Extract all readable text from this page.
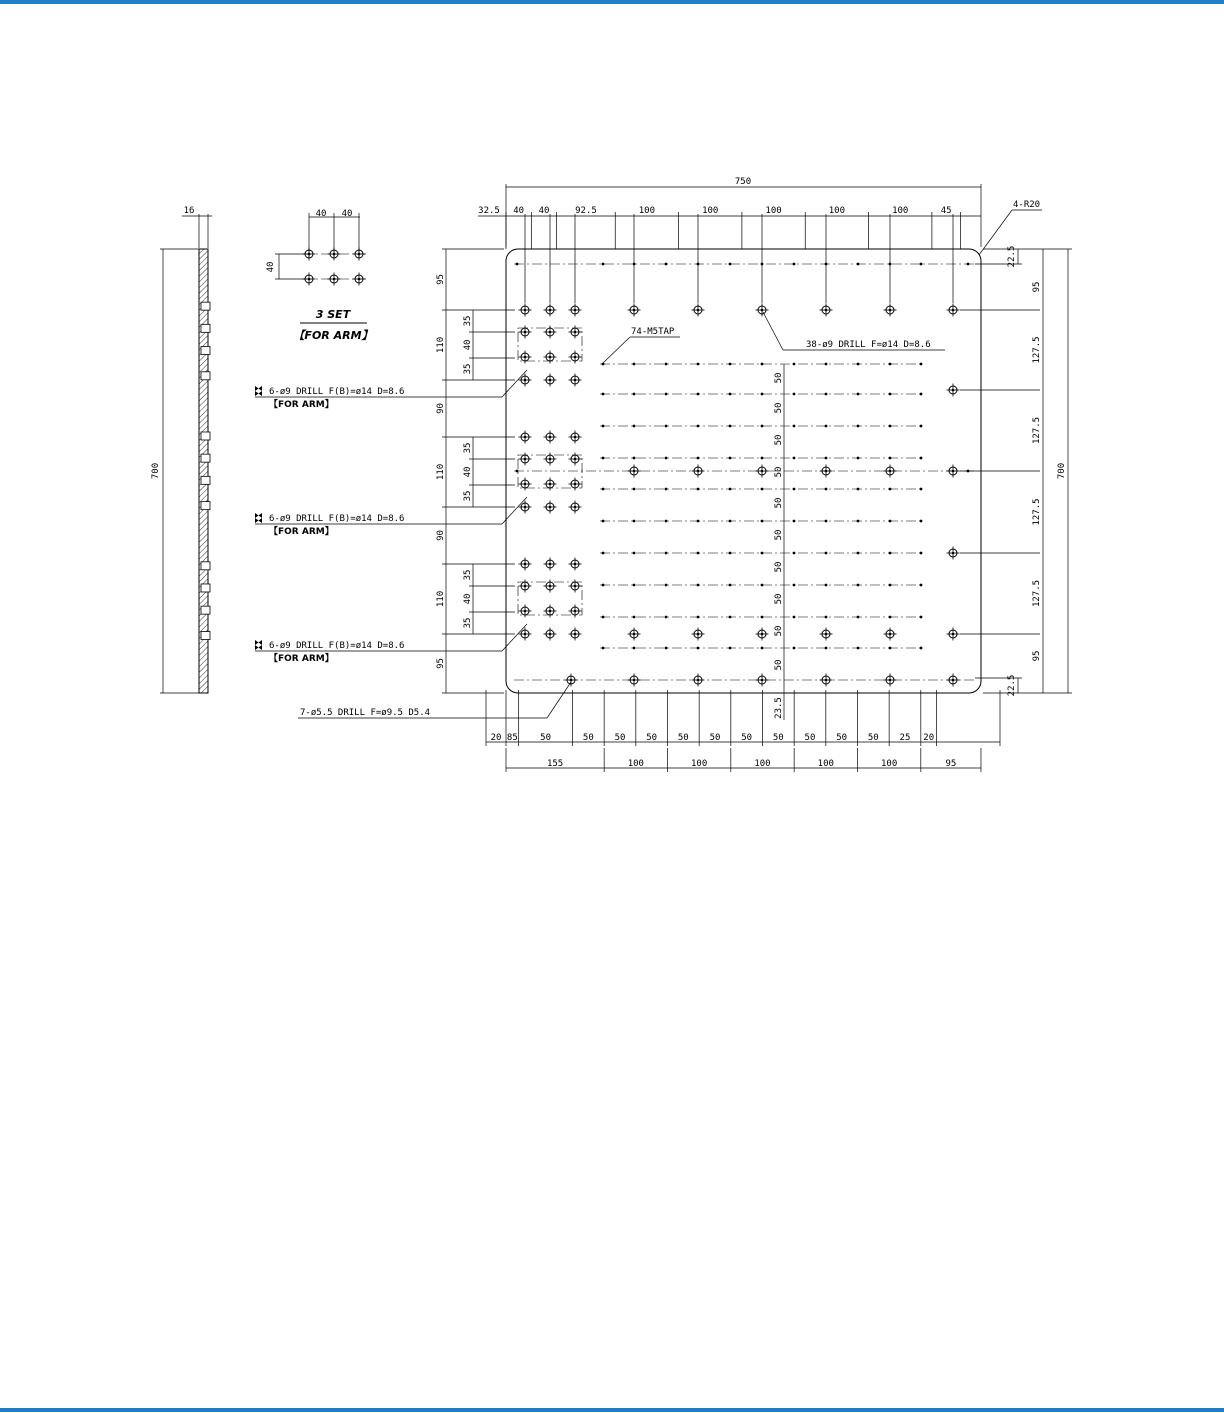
700
16	40 40
40
3 SET
【FOR ARM】
750
32.5 40 40	92.5	100	100	100	100	100	45
4-R20
22.5
95
127.5
127.5
127.5
127.5
95
22.5
700
95
110
90
110
90
110
95
35
40
35
35
40
35
35
40
35
20 85 50	50 50 50 50 50 50 50 50 50 50 25 20
155	100	100	100	100	100	95
50
50
50
50
50
50
50
50
50
50
23.5
74-M5TAP
38-ø9 DRILL F=ø14 D=8.6
6-ø9 DRILL F(B)=ø14 D=8.6
【FOR ARM】
6-ø9 DRILL F(B)=ø14 D=8.6
【FOR ARM】
6-ø9 DRILL F(B)=ø14 D=8.6
【FOR ARM】
7-ø5.5 DRILL F=ø9.5 D5.4
